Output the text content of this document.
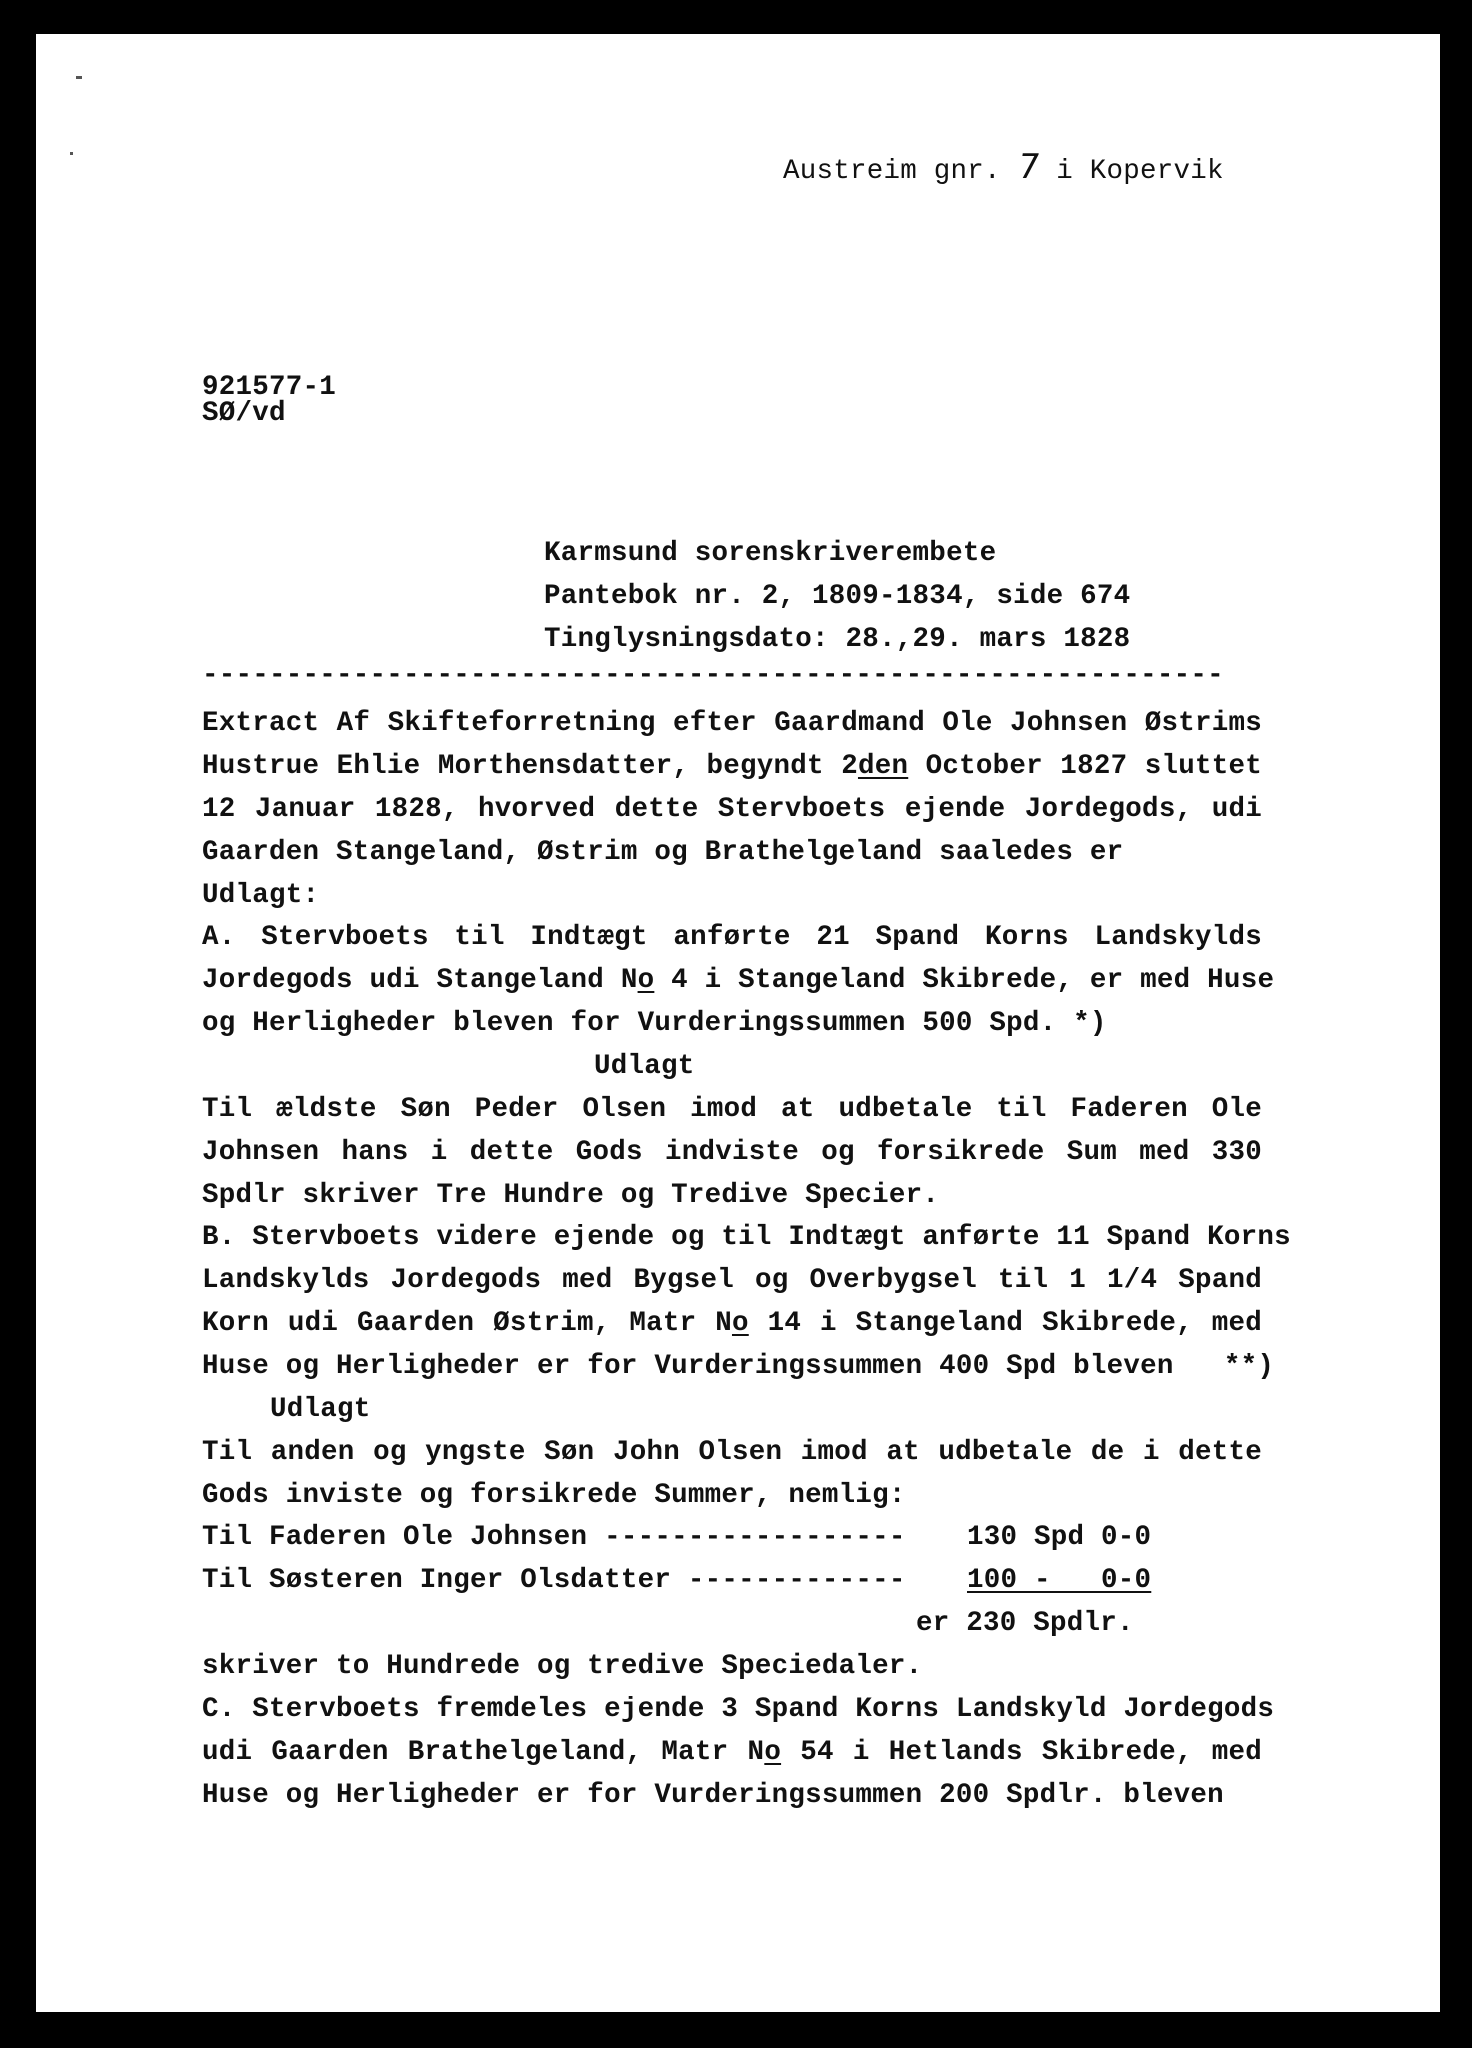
Austreim gnr. 7 i Kopervik

921577-1
SØ/vd
Karmsund sorenskriverembete
Pantebok nr. 2, 1809-1834, side 674
Tinglysningsdato: 28.,29. mars 1828
-------------------------------------------------------------
Extract Af Skifteforretning efter Gaardmand Ole Johnsen Østrims
Hustrue Ehlie Morthensdatter, begyndt 2den October 1827 sluttet
12 Januar 1828, hvorved dette Stervboets ejende Jordegods, udi
Gaarden Stangeland, Østrim og Brathelgeland saaledes er
Udlagt:
A. Stervboets til Indtægt anførte 21 Spand Korns Landskylds
Jordegods udi Stangeland No 4 i Stangeland Skibrede, er med Huse
og Herligheder bleven for Vurderingssummen 500 Spd. *)
Udlagt
Til ældste Søn Peder Olsen imod at udbetale til Faderen Ole
Johnsen hans i dette Gods indviste og forsikrede Sum med 330
Spdlr skriver Tre Hundre og Tredive Specier.
B. Stervboets videre ejende og til Indtægt anførte 11 Spand Korns
Landskylds Jordegods med Bygsel og Overbygsel til 1 1/4 Spand
Korn udi Gaarden Østrim, Matr No 14 i Stangeland Skibrede, med
Huse og Herligheder er for Vurderingssummen 400 Spd bleven   **)
Udlagt
Til anden og yngste Søn John Olsen imod at udbetale de i dette
Gods inviste og forsikrede Summer, nemlig:
Til Faderen Ole Johnsen ------------------ 130 Spd 0-0
Til Søsteren Inger Olsdatter ------------- 100 -   0-0
er 230 Spdlr.
skriver to Hundrede og tredive Speciedaler.
C. Stervboets fremdeles ejende 3 Spand Korns Landskyld Jordegods
udi Gaarden Brathelgeland, Matr No 54 i Hetlands Skibrede, med
Huse og Herligheder er for Vurderingssummen 200 Spdlr. bleven
